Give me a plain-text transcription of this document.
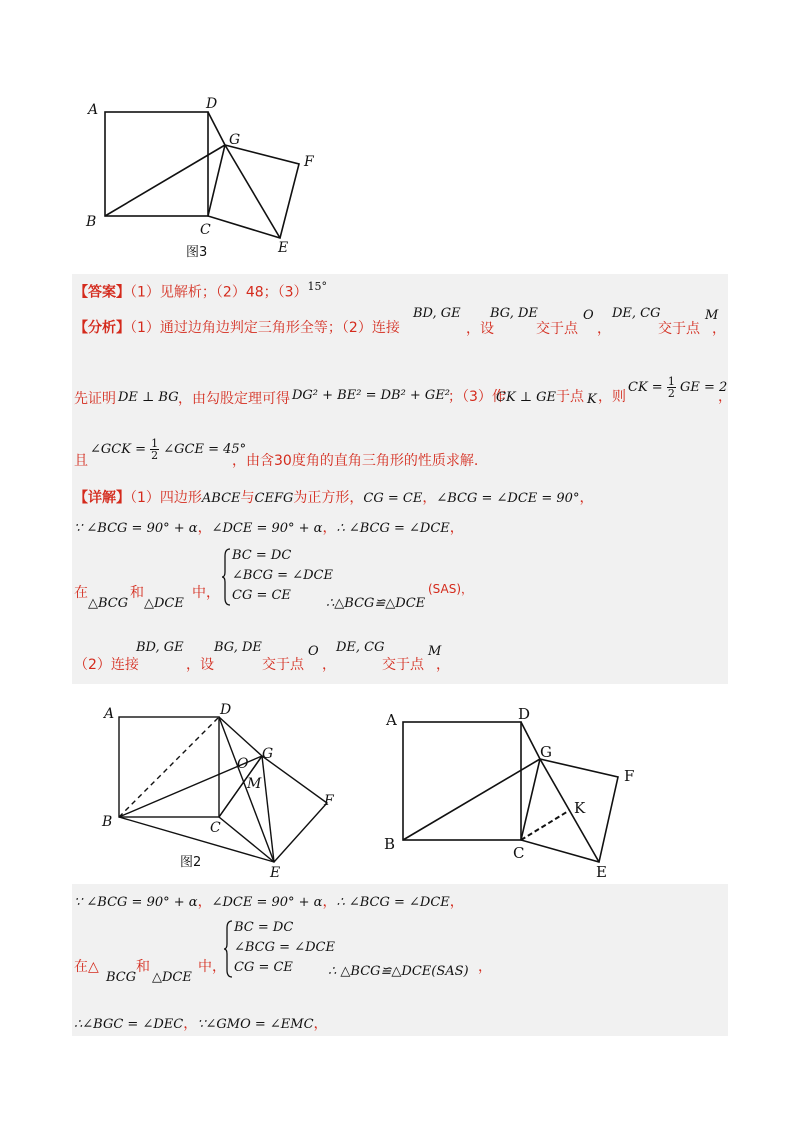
A	D
G
F
B	C
E
图3
【答案】（1）见解析；（2）48；$(3)^{15^\circ}$
【分析】（1）通过边角边判定三角形全等；（2）连接
BD, GE
，设
BG, DE
交于点
O
，
DE, CG
交于点
M
，
先证明 DE ⊥ BG ，由勾股定理可得 DG² + BE² = DB² + GE²
；（3）作
CK ⊥ GE 于点 K ，则
CK = $\frac{1}{2}$ GE = 2
，
且
∠GCK = $\frac{1}{2}$ ∠GCE = 45°
，由含30度角的直角三角形的性质求解.
【详解】（1）四边形ABCE与CEFG为正方形，CG = CE，∠BCG = ∠DCE = 90°，
∵ ∠BCG = 90° + α，∠DCE = 90° + α，∴ ∠BCG = ∠DCE，
在
△BCG
和
△DCE
中，
BC = DC
∠BCG = ∠DCE
CG = CE
∴△BCG≌△DCE
(SAS)，
（2）连接
BD, GE
，设
BG, DE
交于点
O
，
DE, CG
交于点
M
，
A	D
G
O
M
F
B	C
E
图2
A	D
G
F
K
B	C
E
∵ ∠BCG = 90° + α，∠DCE = 90° + α，∴ ∠BCG = ∠DCE，
在△
BCG
和
△DCE
中，
BC = DC
∠BCG = ∠DCE
CG = CE	∴ △BCG≌△DCE(SAS) ，
∴∠BGC = ∠DEC，∵∠GMO = ∠EMC，
